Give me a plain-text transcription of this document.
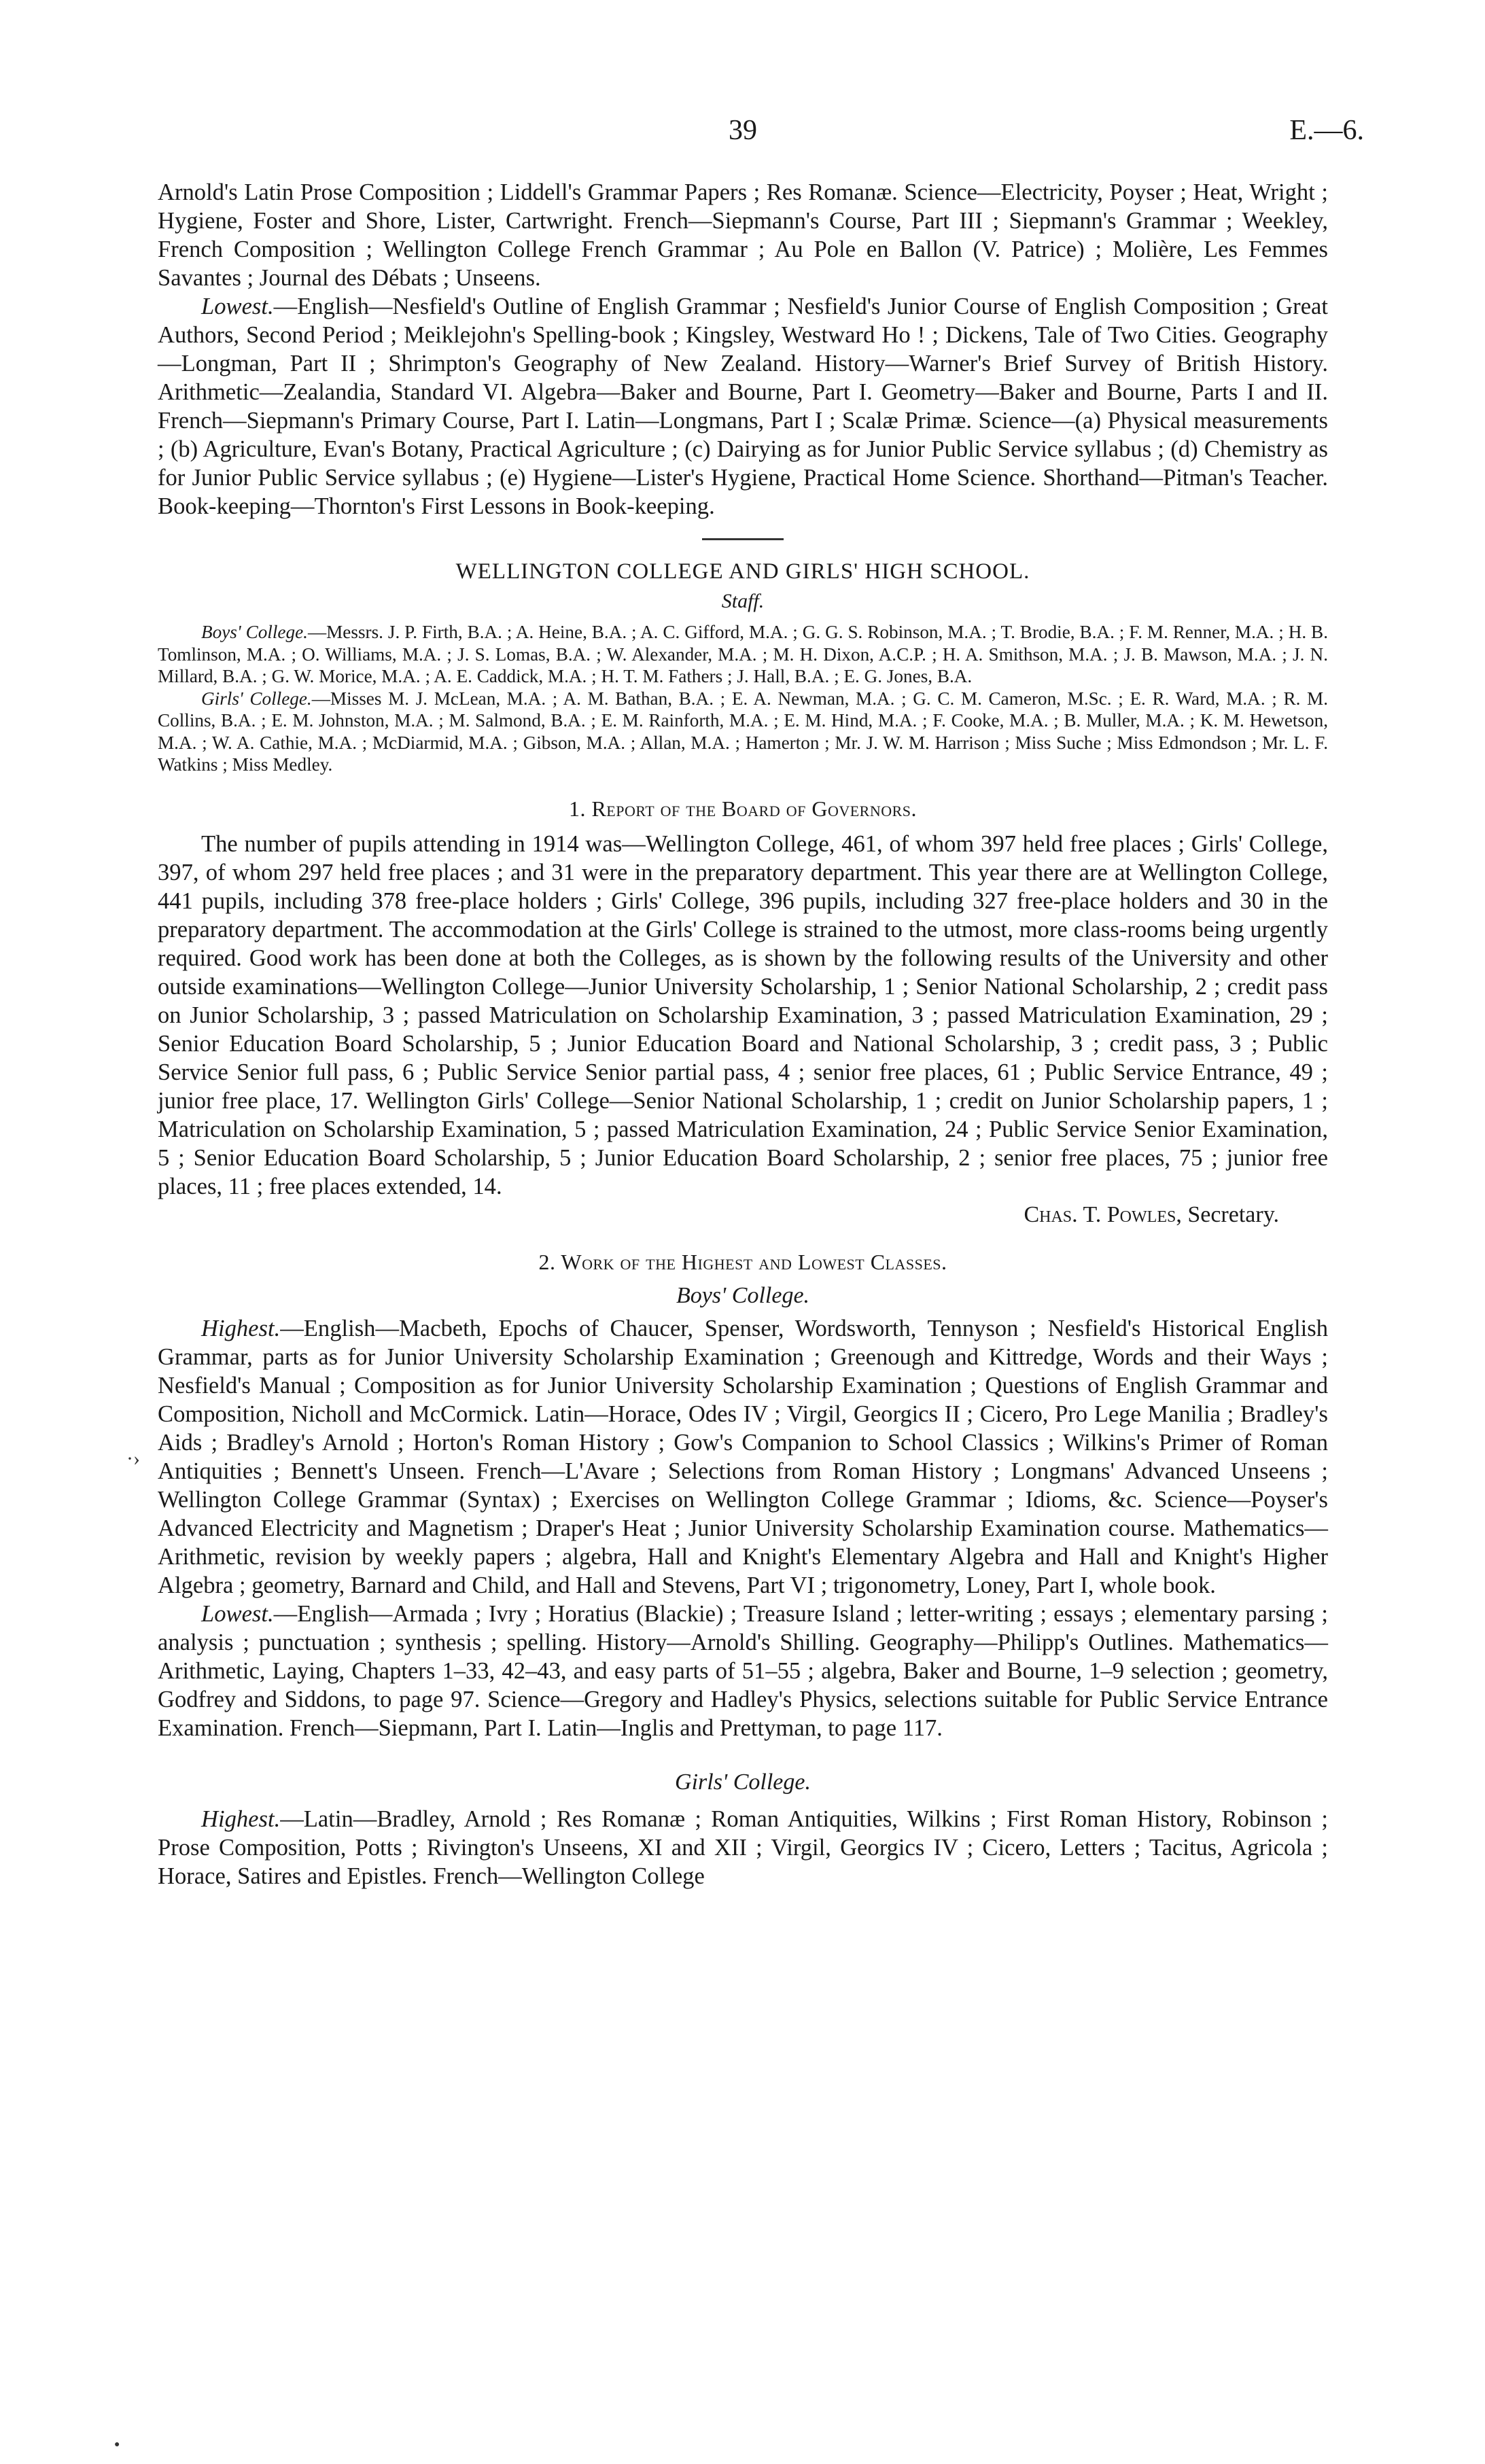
39	E.—6.

Arnold's Latin Prose Composition ; Liddell's Grammar Papers ; Res Romanæ. Science—Electricity, Poyser ; Heat, Wright ; Hygiene, Foster and Shore, Lister, Cartwright. French—Siepmann's Course, Part III ; Siepmann's Grammar ; Weekley, French Composition ; Wellington College French Grammar ; Au Pole en Ballon (V. Patrice) ; Molière, Les Femmes Savantes ; Journal des Débats ; Unseens.

Lowest.—English—Nesfield's Outline of English Grammar ; Nesfield's Junior Course of English Composition ; Great Authors, Second Period ; Meiklejohn's Spelling-book ; Kingsley, Westward Ho ! ; Dickens, Tale of Two Cities. Geography—Longman, Part II ; Shrimpton's Geography of New Zealand. History—Warner's Brief Survey of British History. Arithmetic—Zealandia, Standard VI. Algebra—Baker and Bourne, Part I. Geometry—Baker and Bourne, Parts I and II. French—Siepmann's Primary Course, Part I. Latin—Longmans, Part I ; Scalæ Primæ. Science—(a) Physical measurements ; (b) Agriculture, Evan's Botany, Practical Agriculture ; (c) Dairying as for Junior Public Service syllabus ; (d) Chemistry as for Junior Public Service syllabus ; (e) Hygiene—Lister's Hygiene, Practical Home Science. Shorthand—Pitman's Teacher. Book-keeping—Thornton's First Lessons in Book-keeping.

WELLINGTON COLLEGE AND GIRLS' HIGH SCHOOL.
Staff.

Boys' College.—Messrs. J. P. Firth, B.A. ; A. Heine, B.A. ; A. C. Gifford, M.A. ; G. G. S. Robinson, M.A. ; T. Brodie, B.A. ; F. M. Renner, M.A. ; H. B. Tomlinson, M.A. ; O. Williams, M.A. ; J. S. Lomas, B.A. ; W. Alexander, M.A. ; M. H. Dixon, A.C.P. ; H. A. Smithson, M.A. ; J. B. Mawson, M.A. ; J. N. Millard, B.A. ; G. W. Morice, M.A. ; A. E. Caddick, M.A. ; H. T. M. Fathers ; J. Hall, B.A. ; E. G. Jones, B.A.

Girls' College.—Misses M. J. McLean, M.A. ; A. M. Bathan, B.A. ; E. A. Newman, M.A. ; G. C. M. Cameron, M.Sc. ; E. R. Ward, M.A. ; R. M. Collins, B.A. ; E. M. Johnston, M.A. ; M. Salmond, B.A. ; E. M. Rainforth, M.A. ; E. M. Hind, M.A. ; F. Cooke, M.A. ; B. Muller, M.A. ; K. M. Hewetson, M.A. ; W. A. Cathie, M.A. ; McDiarmid, M.A. ; Gibson, M.A. ; Allan, M.A. ; Hamerton ; Mr. J. W. M. Harrison ; Miss Suche ; Miss Edmondson ; Mr. L. F. Watkins ; Miss Medley.

1. Report of the Board of Governors.

The number of pupils attending in 1914 was—Wellington College, 461, of whom 397 held free places ; Girls' College, 397, of whom 297 held free places ; and 31 were in the preparatory department. This year there are at Wellington College, 441 pupils, including 378 free-place holders ; Girls' College, 396 pupils, including 327 free-place holders and 30 in the preparatory department. The accommodation at the Girls' College is strained to the utmost, more class-rooms being urgently required. Good work has been done at both the Colleges, as is shown by the following results of the University and other outside examinations—Wellington College—Junior University Scholarship, 1 ; Senior National Scholarship, 2 ; credit pass on Junior Scholarship, 3 ; passed Matriculation on Scholarship Examination, 3 ; passed Matriculation Examination, 29 ; Senior Education Board Scholarship, 5 ; Junior Education Board and National Scholarship, 3 ; credit pass, 3 ; Public Service Senior full pass, 6 ; Public Service Senior partial pass, 4 ; senior free places, 61 ; Public Service Entrance, 49 ; junior free place, 17. Wellington Girls' College—Senior National Scholarship, 1 ; credit on Junior Scholarship papers, 1 ; Matriculation on Scholarship Examination, 5 ; passed Matriculation Examination, 24 ; Public Service Senior Examination, 5 ; Senior Education Board Scholarship, 5 ; Junior Education Board Scholarship, 2 ; senior free places, 75 ; junior free places, 11 ; free places extended, 14.

Chas. T. Powles, Secretary.

2. Work of the Highest and Lowest Classes.
Boys' College.

Highest.—English—Macbeth, Epochs of Chaucer, Spenser, Wordsworth, Tennyson ; Nesfield's Historical English Grammar, parts as for Junior University Scholarship Examination ; Greenough and Kittredge, Words and their Ways ; Nesfield's Manual ; Composition as for Junior University Scholarship Examination ; Questions of English Grammar and Composition, Nicholl and McCormick. Latin—Horace, Odes IV ; Virgil, Georgics II ; Cicero, Pro Lege Manilia ; Bradley's Aids ; Bradley's Arnold ; Horton's Roman History ; Gow's Companion to School Classics ; Wilkins's Primer of Roman Antiquities ; Bennett's Unseen. French—L'Avare ; Selections from Roman History ; Longmans' Advanced Unseens ; Wellington College Grammar (Syntax) ; Exercises on Wellington College Grammar ; Idioms, &c. Science—Poyser's Advanced Electricity and Magnetism ; Draper's Heat ; Junior University Scholarship Examination course. Mathematics—Arithmetic, revision by weekly papers ; algebra, Hall and Knight's Elementary Algebra and Hall and Knight's Higher Algebra ; geometry, Barnard and Child, and Hall and Stevens, Part VI ; trigonometry, Loney, Part I, whole book.

Lowest.—English—Armada ; Ivry ; Horatius (Blackie) ; Treasure Island ; letter-writing ; essays ; elementary parsing ; analysis ; punctuation ; synthesis ; spelling. History—Arnold's Shilling. Geography—Philipp's Outlines. Mathematics—Arithmetic, Laying, Chapters 1–33, 42–43, and easy parts of 51–55 ; algebra, Baker and Bourne, 1–9 selection ; geometry, Godfrey and Siddons, to page 97. Science—Gregory and Hadley's Physics, selections suitable for Public Service Entrance Examination. French—Siepmann, Part I. Latin—Inglis and Prettyman, to page 117.

Girls' College.

Highest.—Latin—Bradley, Arnold ; Res Romanæ ; Roman Antiquities, Wilkins ; First Roman History, Robinson ; Prose Composition, Potts ; Rivington's Unseens, XI and XII ; Virgil, Georgics IV ; Cicero, Letters ; Tacitus, Agricola ; Horace, Satires and Epistles. French—Wellington College

·›
●
